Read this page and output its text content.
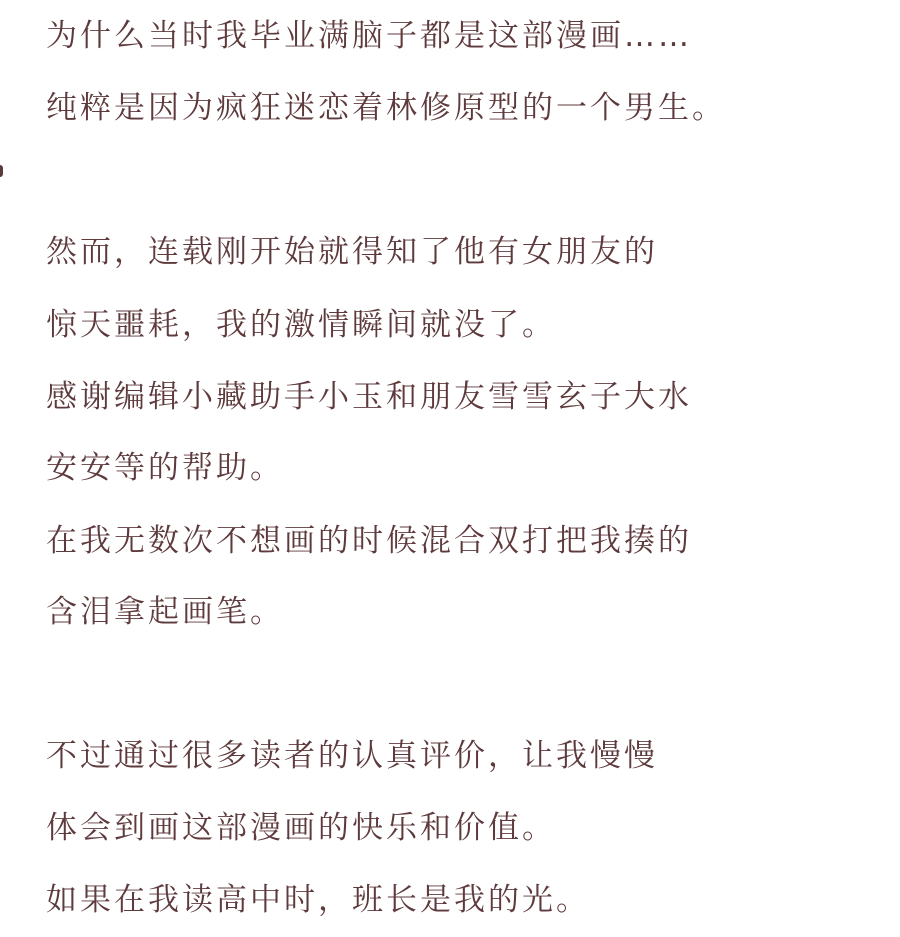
为什么当时我毕业满脑子都是这部漫画……
纯粹是因为疯狂迷恋着林修原型的一个男生。
然而，连载刚开始就得知了他有女朋友的
惊天噩耗，我的激情瞬间就没了。
感谢编辑小藏助手小玉和朋友雪雪玄子大水
安安等的帮助。
在我无数次不想画的时候混合双打把我揍的
含泪拿起画笔。
不过通过很多读者的认真评价，让我慢慢
体会到画这部漫画的快乐和价值。
如果在我读高中时，班长是我的光。
